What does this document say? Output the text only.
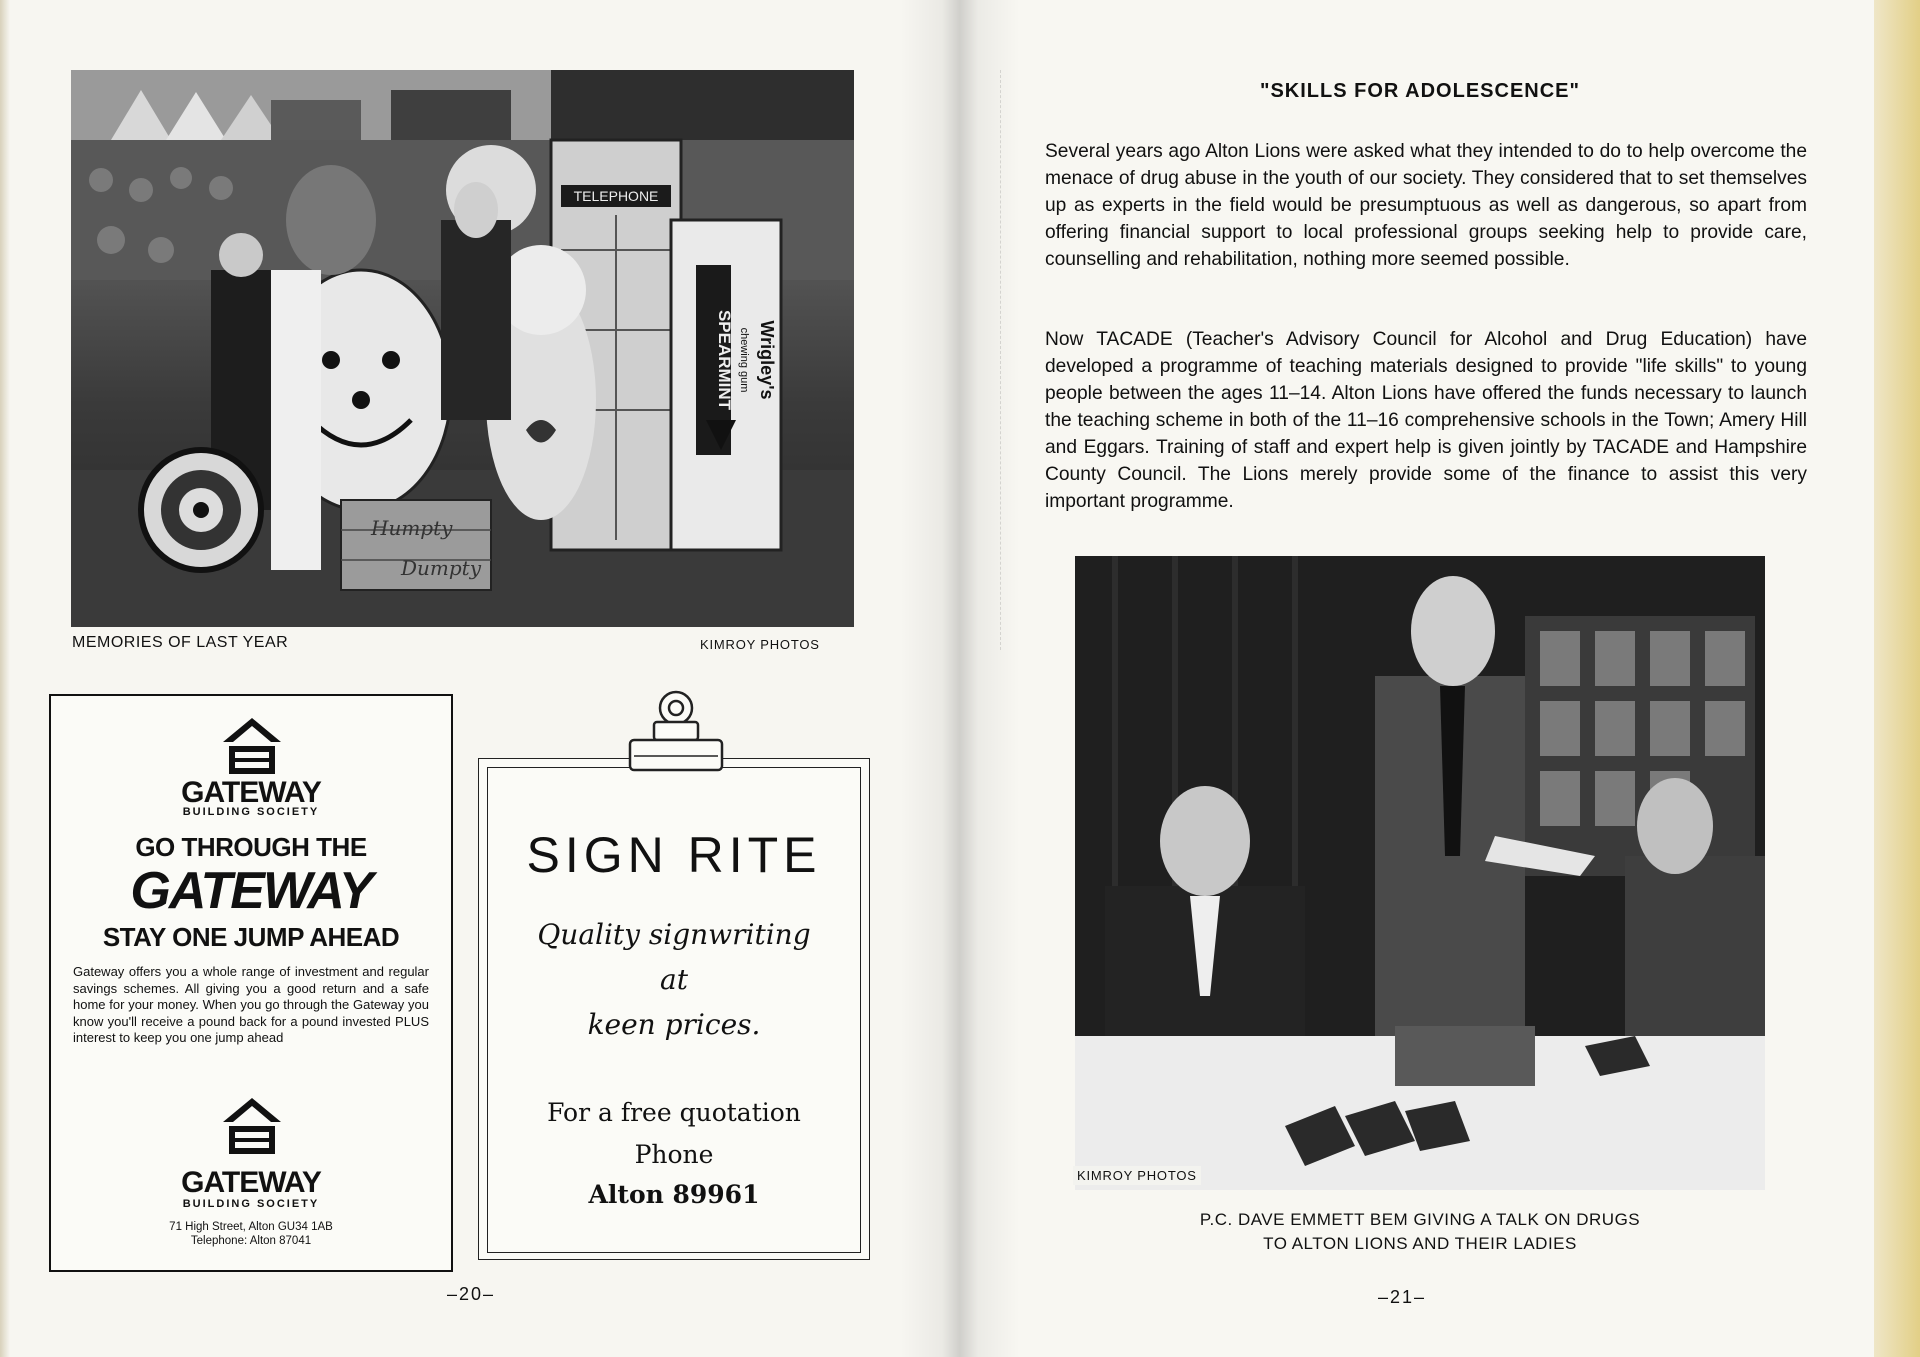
TELEPHONE
SPEARMINT Wrigley's
chewing gum
Humpty
Dumpty
MEMORIES OF LAST YEAR	KIMROY PHOTOS
GATEWAY
BUILDING SOCIETY
GO THROUGH THE
GATEWAY
STAY ONE JUMP AHEAD
Gateway offers you a whole range of investment and regular savings schemes. All giving you a good return and a safe home for your money. When you go through the Gateway you know you'll receive a pound back for a pound invested PLUS interest to keep you one jump ahead
GATEWAY
BUILDING SOCIETY
71 High Street, Alton GU34 1AB
Telephone: Alton 87041
SIGN RITE
Quality signwriting
at
keen prices.
For a free quotation
Phone
Alton 89961
–20–
"SKILLS FOR ADOLESCENCE"
Several years ago Alton Lions were asked what they intended to do to help overcome the menace of drug abuse in the youth of our society. They considered that to set themselves up as experts in the field would be presumptuous as well as dangerous, so apart from offering financial support to local professional groups seeking help to provide care, counselling and rehabilitation, nothing more seemed possible.
Now TACADE (Teacher's Advisory Council for Alcohol and Drug Education) have developed a programme of teaching materials designed to provide "life skills" to young people between the ages 11–14. Alton Lions have offered the funds necessary to launch the teaching scheme in both of the 11–16 comprehensive schools in the Town; Amery Hill and Eggars. Training of staff and expert help is given jointly by TACADE and Hampshire County Council. The Lions merely provide some of the finance to assist this very important programme.
KIMROY PHOTOS
P.C. DAVE EMMETT BEM GIVING A TALK ON DRUGS
TO ALTON LIONS AND THEIR LADIES
–21–
